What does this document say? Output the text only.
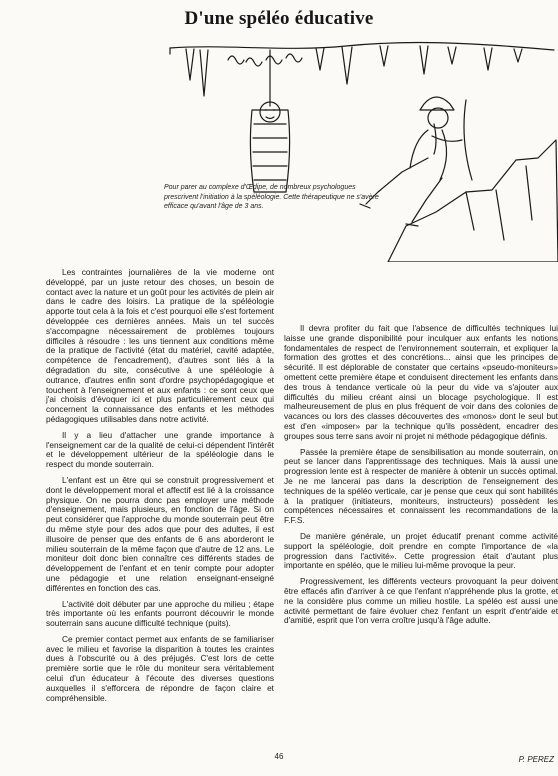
D'une spéléo éducative
Pour parer au complexe d'Œdipe, de nombreux psychologues prescrivent l'initiation à la spéléologie. Cette thérapeutique ne s'avère efficace qu'avant l'âge de 3 ans.

Les contraintes journalières de la vie moderne ont développé, par un juste retour des choses, un besoin de contact avec la nature et un goût pour les activités de plein air dans le cadre des loisirs. La pratique de la spéléologie apporte tout cela à la fois et c'est pourquoi elle s'est fortement développée ces dernières années. Mais un tel succès s'accompagne nécessairement de problèmes toujours difficiles à résoudre : les uns tiennent aux conditions même de la pratique de l'activité (état du matériel, cavité adaptée, compétence de l'encadrement), d'autres sont liés à la dégradation du site, consécutive à une spéléologie à outrance, d'autres enfin sont d'ordre psychopédagogique et touchent à l'enseignement et aux enfants : ce sont ceux que j'ai choisis d'évoquer ici et plus particulièrement ceux qui concernent la connaissance des enfants et les méthodes pédagogiques utilisables dans notre activité.

Il y a lieu d'attacher une grande importance à l'enseignement car de la qualité de celui-ci dépendent l'intérêt et le développement ultérieur de la spéléologie dans le respect du monde souterrain.

L'enfant est un être qui se construit progressivement et dont le développement moral et affectif est lié à la croissance physique. On ne pourra donc pas employer une méthode d'enseignement, mais plusieurs, en fonction de l'âge. Si on peut considérer que l'approche du monde souterrain peut être du même style pour des ados que pour des adultes, il est illusoire de penser que des enfants de 6 ans aborderont le milieu souterrain de la même façon que d'autre de 12 ans. Le moniteur doit donc bien connaître ces différents stades de développement de l'enfant et en tenir compte pour adopter une pédagogie et une relation enseignant-enseigné différentes en fonction des cas.

L'activité doit débuter par une approche du milieu ; étape très importante où les enfants pourront découvrir le monde souterrain sans aucune difficulté technique (puits).

Ce premier contact permet aux enfants de se familiariser avec le milieu et favorise la disparition à toutes les craintes dues à l'obscurité ou à des préjugés. C'est lors de cette première sortie que le rôle du moniteur sera véritablement celui d'un éducateur à l'écoute des diverses questions auxquelles il s'efforcera de répondre de façon claire et compréhensible.

Il devra profiter du fait que l'absence de difficultés techniques lui laisse une grande disponibilité pour inculquer aux enfants les notions fondamentales de respect de l'environnement souterrain, et expliquer la formation des grottes et des concrétions... ainsi que les principes de sécurité. Il est déplorable de constater que certains «pseudo-moniteurs» omettent cette première étape et conduisent directement les enfants dans des trous à tendance verticale où la peur du vide va s'ajouter aux difficultés du milieu créant ainsi un blocage psychologique. Il est malheureusement de plus en plus fréquent de voir dans des colonies de vacances ou lors des classes découvertes des «monos» dont le seul but est d'en «imposer» par la technique qu'ils possèdent, encadrer des groupes sous terre sans avoir ni projet ni méthode pédagogique définis.

Passée la première étape de sensibilisation au monde souterrain, on peut se lancer dans l'apprentissage des techniques. Mais là aussi une progression lente est à respecter de manière à obtenir un succès optimal. Je ne me lancerai pas dans la description de l'enseignement des techniques de la spéléo verticale, car je pense que ceux qui sont habilités à la pratiquer (initiateurs, moniteurs, instructeurs) possèdent les compétences nécessaires et connaissent les recommandations de la F.F.S.

De manière générale, un projet éducatif prenant comme activité support la spéléologie, doit prendre en compte l'importance de «la progression dans l'activité». Cette progression était d'autant plus importante en spéléo, que le milieu lui-même provoque la peur.

Progressivement, les différents vecteurs provoquant la peur doivent être effacés afin d'arriver à ce que l'enfant n'appréhende plus la grotte, et ne la considère plus comme un milieu hostile. La spéléo est aussi une activité permettant de faire évoluer chez l'enfant un esprit d'entr'aide et d'amitié, esprit que l'on verra croître jusqu'à l'âge adulte.

46	P. PEREZ
